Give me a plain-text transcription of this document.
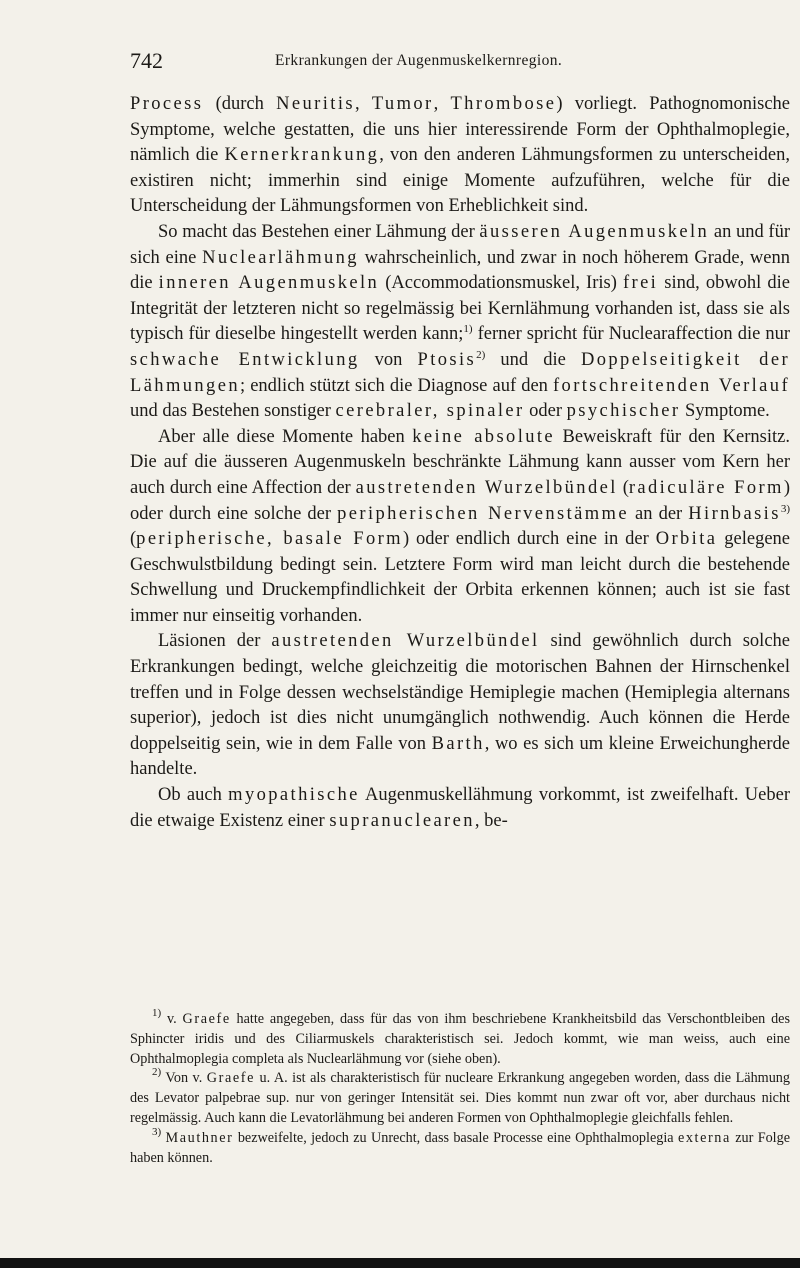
742	Erkrankungen der Augenmuskelkernregion.

Process (durch Neuritis, Tumor, Thrombose) vorliegt. Pathognomonische Symptome, welche gestatten, die uns hier interessirende Form der Ophthalmoplegie, nämlich die Kernerkrankung, von den anderen Lähmungsformen zu unterscheiden, existiren nicht; immerhin sind einige Momente aufzuführen, welche für die Unterscheidung der Lähmungsformen von Erheblichkeit sind.

So macht das Bestehen einer Lähmung der äusseren Augenmuskeln an und für sich eine Nuclearlähmung wahrscheinlich, und zwar in noch höherem Grade, wenn die inneren Augenmuskeln (Accommodationsmuskel, Iris) frei sind, obwohl die Integrität der letzteren nicht so regelmässig bei Kernlähmung vorhanden ist, dass sie als typisch für dieselbe hingestellt werden kann;$^{1)}$ ferner spricht für Nuclearaffection die nur schwache Entwicklung von Ptosis$^{2)}$ und die Doppelseitigkeit der Lähmungen; endlich stützt sich die Diagnose auf den fortschreitenden Verlauf und das Bestehen sonstiger cerebraler, spinaler oder psychischer Symptome.

Aber alle diese Momente haben keine absolute Beweiskraft für den Kernsitz. Die auf die äusseren Augenmuskeln beschränkte Lähmung kann ausser vom Kern her auch durch eine Affection der austretenden Wurzelbündel (radiculäre Form) oder durch eine solche der peripherischen Nervenstämme an der Hirnbasis$^{3)}$ (peripherische, basale Form) oder endlich durch eine in der Orbita gelegene Geschwulstbildung bedingt sein. Letztere Form wird man leicht durch die bestehende Schwellung und Druckempfindlichkeit der Orbita erkennen können; auch ist sie fast immer nur einseitig vorhanden.

Läsionen der austretenden Wurzelbündel sind gewöhnlich durch solche Erkrankungen bedingt, welche gleichzeitig die motorischen Bahnen der Hirnschenkel treffen und in Folge dessen wechselständige Hemiplegie machen (Hemiplegia alternans superior), jedoch ist dies nicht unumgänglich nothwendig. Auch können die Herde doppelseitig sein, wie in dem Falle von Barth, wo es sich um kleine Erweichungherde handelte.

Ob auch myopathische Augenmuskellähmung vorkommt, ist zweifelhaft. Ueber die etwaige Existenz einer supranuclearen, be-

$^{1)}$ v. Graefe hatte angegeben, dass für das von ihm beschriebene Krankheitsbild das Verschontbleiben des Sphincter iridis und des Ciliarmuskels charakteristisch sei. Jedoch kommt, wie man weiss, auch eine Ophthalmoplegia completa als Nuclearlähmung vor (siehe oben).

$^{2)}$ Von v. Graefe u. A. ist als charakteristisch für nucleare Erkrankung angegeben worden, dass die Lähmung des Levator palpebrae sup. nur von geringer Intensität sei. Dies kommt nun zwar oft vor, aber durchaus nicht regelmässig. Auch kann die Levatorlähmung bei anderen Formen von Ophthalmoplegie gleichfalls fehlen.

$^{3)}$ Mauthner bezweifelte, jedoch zu Unrecht, dass basale Processe eine Ophthalmoplegia externa zur Folge haben können.
